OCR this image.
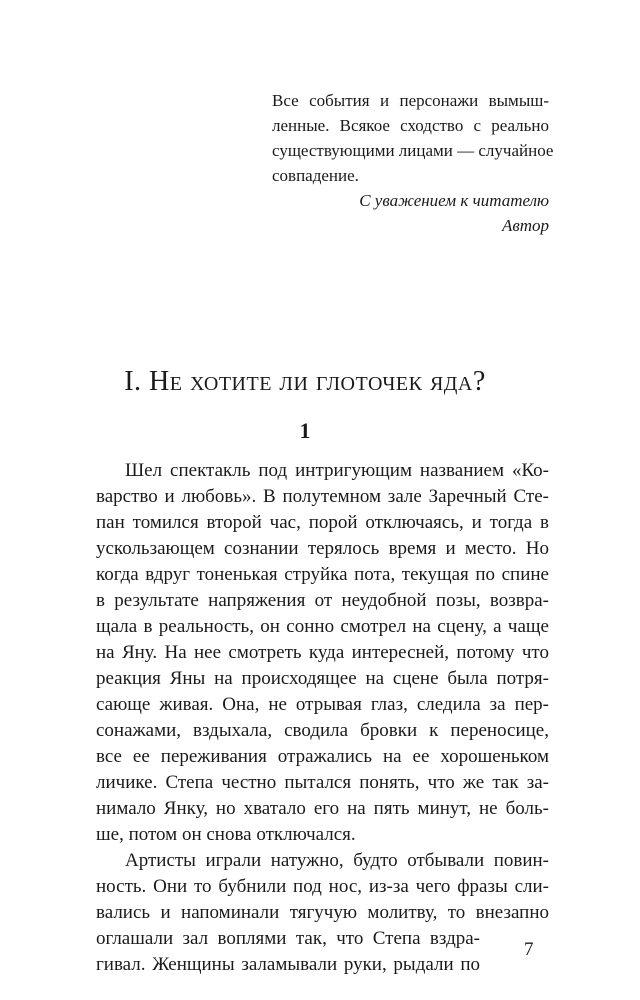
Все события и персонажи вымыш-
ленные. Всякое сходство с реально
существующими лицами — случайное
совпадение.
С уважением к читателю
Автор
I. Не хотите ли глоточек яда?
1
Шел спектакль под интригующим названием «Ко-
варство и любовь». В полутемном зале Заречный Сте-
пан томился второй час, порой отключаясь, и тогда в
ускользающем сознании терялось время и место. Но
когда вдруг тоненькая струйка пота, текущая по спине
в результате напряжения от неудобной позы, возвра-
щала в реальность, он сонно смотрел на сцену, а чаще
на Яну. На нее смотреть куда интересней, потому что
реакция Яны на происходящее на сцене была потря-
сающе живая. Она, не отрывая глаз, следила за пер-
сонажами, вздыхала, сводила бровки к переносице,
все ее переживания отражались на ее хорошеньком
личике. Степа честно пытался понять, что же так за-
нимало Янку, но хватало его на пять минут, не боль-
ше, потом он снова отключался.
Артисты играли натужно, будто отбывали повин-
ность. Они то бубнили под нос, из-за чего фразы сли-
вались и напоминали тягучую молитву, то внезапно
оглашали зал воплями так, что Степа вздра-
гивал. Женщины заламывали руки, рыдали по
7
